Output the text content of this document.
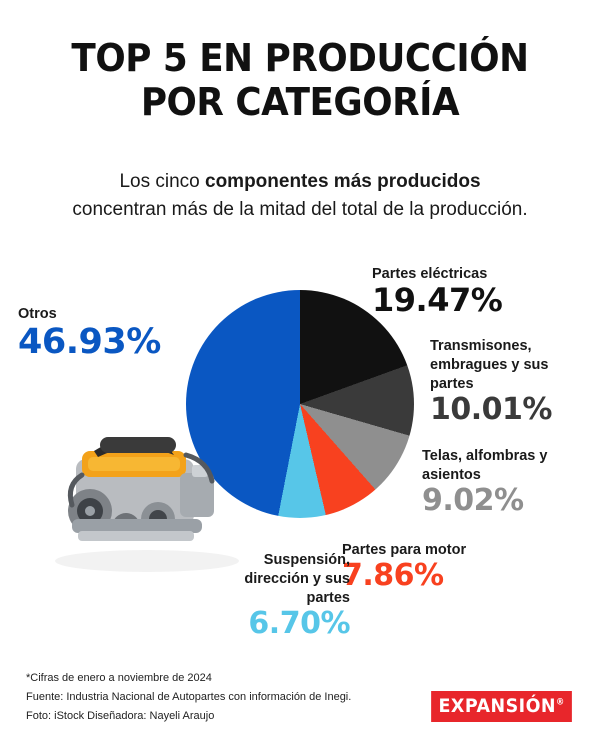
TOP 5 EN PRODUCCIÓN
POR CATEGORÍA
Los cinco componentes más producidos concentran más de la mitad del total de la producción.
Otros
46.93%
Partes eléctricas
19.47%
Transmisones, embragues y sus partes
10.01%
Telas, alfombras y asientos
9.02%
Partes para motor
7.86%
Suspensión, dirección y sus partes
6.70%
*Cifras de enero a noviembre de 2024
Fuente: Industria Nacional de Autopartes con información de Inegi.
Foto: iStock Diseñadora: Nayeli Araujo	EXPANSIÓN®
